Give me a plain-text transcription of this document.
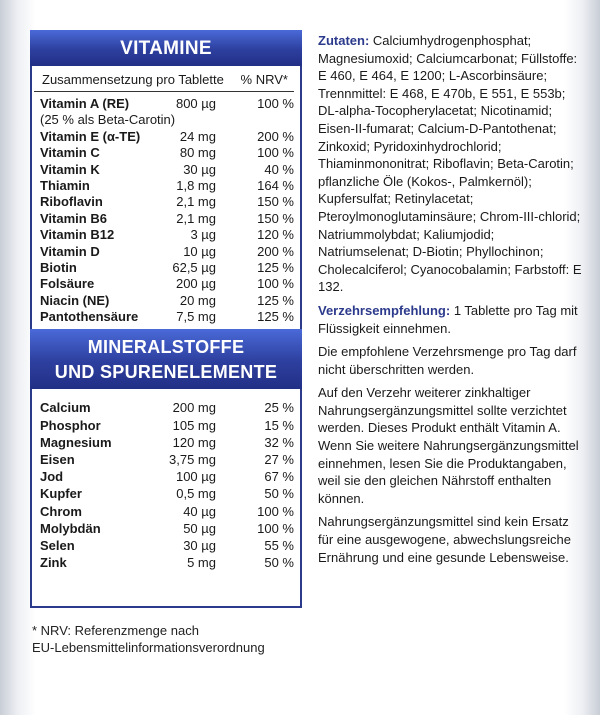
VITAMINE
Zusammensetzung pro Tablette % NRV*
Vitamin A (RE)	800 µg	100 %
(25 % als Beta-Carotin)
Vitamin E (α-TE)	24 mg	200 %
Vitamin C	80 mg	100 %
Vitamin K	30 µg	40 %
Thiamin	1,8 mg	164 %
Riboflavin	2,1 mg	150 %
Vitamin B6	2,1 mg	150 %
Vitamin B12	3 µg	120 %
Vitamin D	10 µg	200 %
Biotin	62,5 µg	125 %
Folsäure	200 µg	100 %
Niacin (NE)	20 mg	125 %
Pantothensäure	7,5 mg	125 %
MINERALSTOFFE
UND SPURENELEMENTE
Calcium	200 mg	25 %
Phosphor	105 mg	15 %
Magnesium	120 mg	32 %
Eisen	3,75 mg	27 %
Jod	100 µg	67 %
Kupfer	0,5 mg	50 %
Chrom	40 µg	100 %
Molybdän	50 µg	100 %
Selen	30 µg	55 %
Zink	5 mg	50 %
* NRV: Referenzmenge nach
EU-Lebensmittelinformationsverordnung

Zutaten: Calciumhydrogenphosphat; Magnesiumoxid; Calciumcarbonat; Füllstoffe: E 460, E 464, E 1200; L-Ascorbinsäure; Trennmittel: E 468, E 470b, E 551, E 553b; DL-alpha-Tocopherylacetat; Nicotinamid; Eisen-II-fumarat; Calcium-D-Pantothenat; Zinkoxid; Pyridoxinhydrochlorid; Thiaminmononitrat; Riboflavin; Beta-Carotin; pflanzliche Öle (Kokos-, Palmkernöl); Kupfersulfat; Retinylacetat; Pteroylmonoglutaminsäure; Chrom-III-chlorid; Natriummolybdat; Kaliumjodid; Natriumselenat; D-Biotin; Phyllochinon; Cholecalciferol; Cyanocobalamin; Farbstoff: E 132.

Verzehrsempfehlung: 1 Tablette pro Tag mit Flüssigkeit einnehmen.

Die empfohlene Verzehrsmenge pro Tag darf nicht überschritten werden.

Auf den Verzehr weiterer zinkhaltiger Nahrungsergänzungsmittel sollte verzichtet werden. Dieses Produkt enthält Vitamin A. Wenn Sie weitere Nahrungsergänzungsmittel einnehmen, lesen Sie die Produktangaben, weil sie den gleichen Nährstoff enthalten können.

Nahrungsergänzungsmittel sind kein Ersatz für eine ausgewogene, abwechslungsreiche Ernährung und eine gesunde Lebensweise.
